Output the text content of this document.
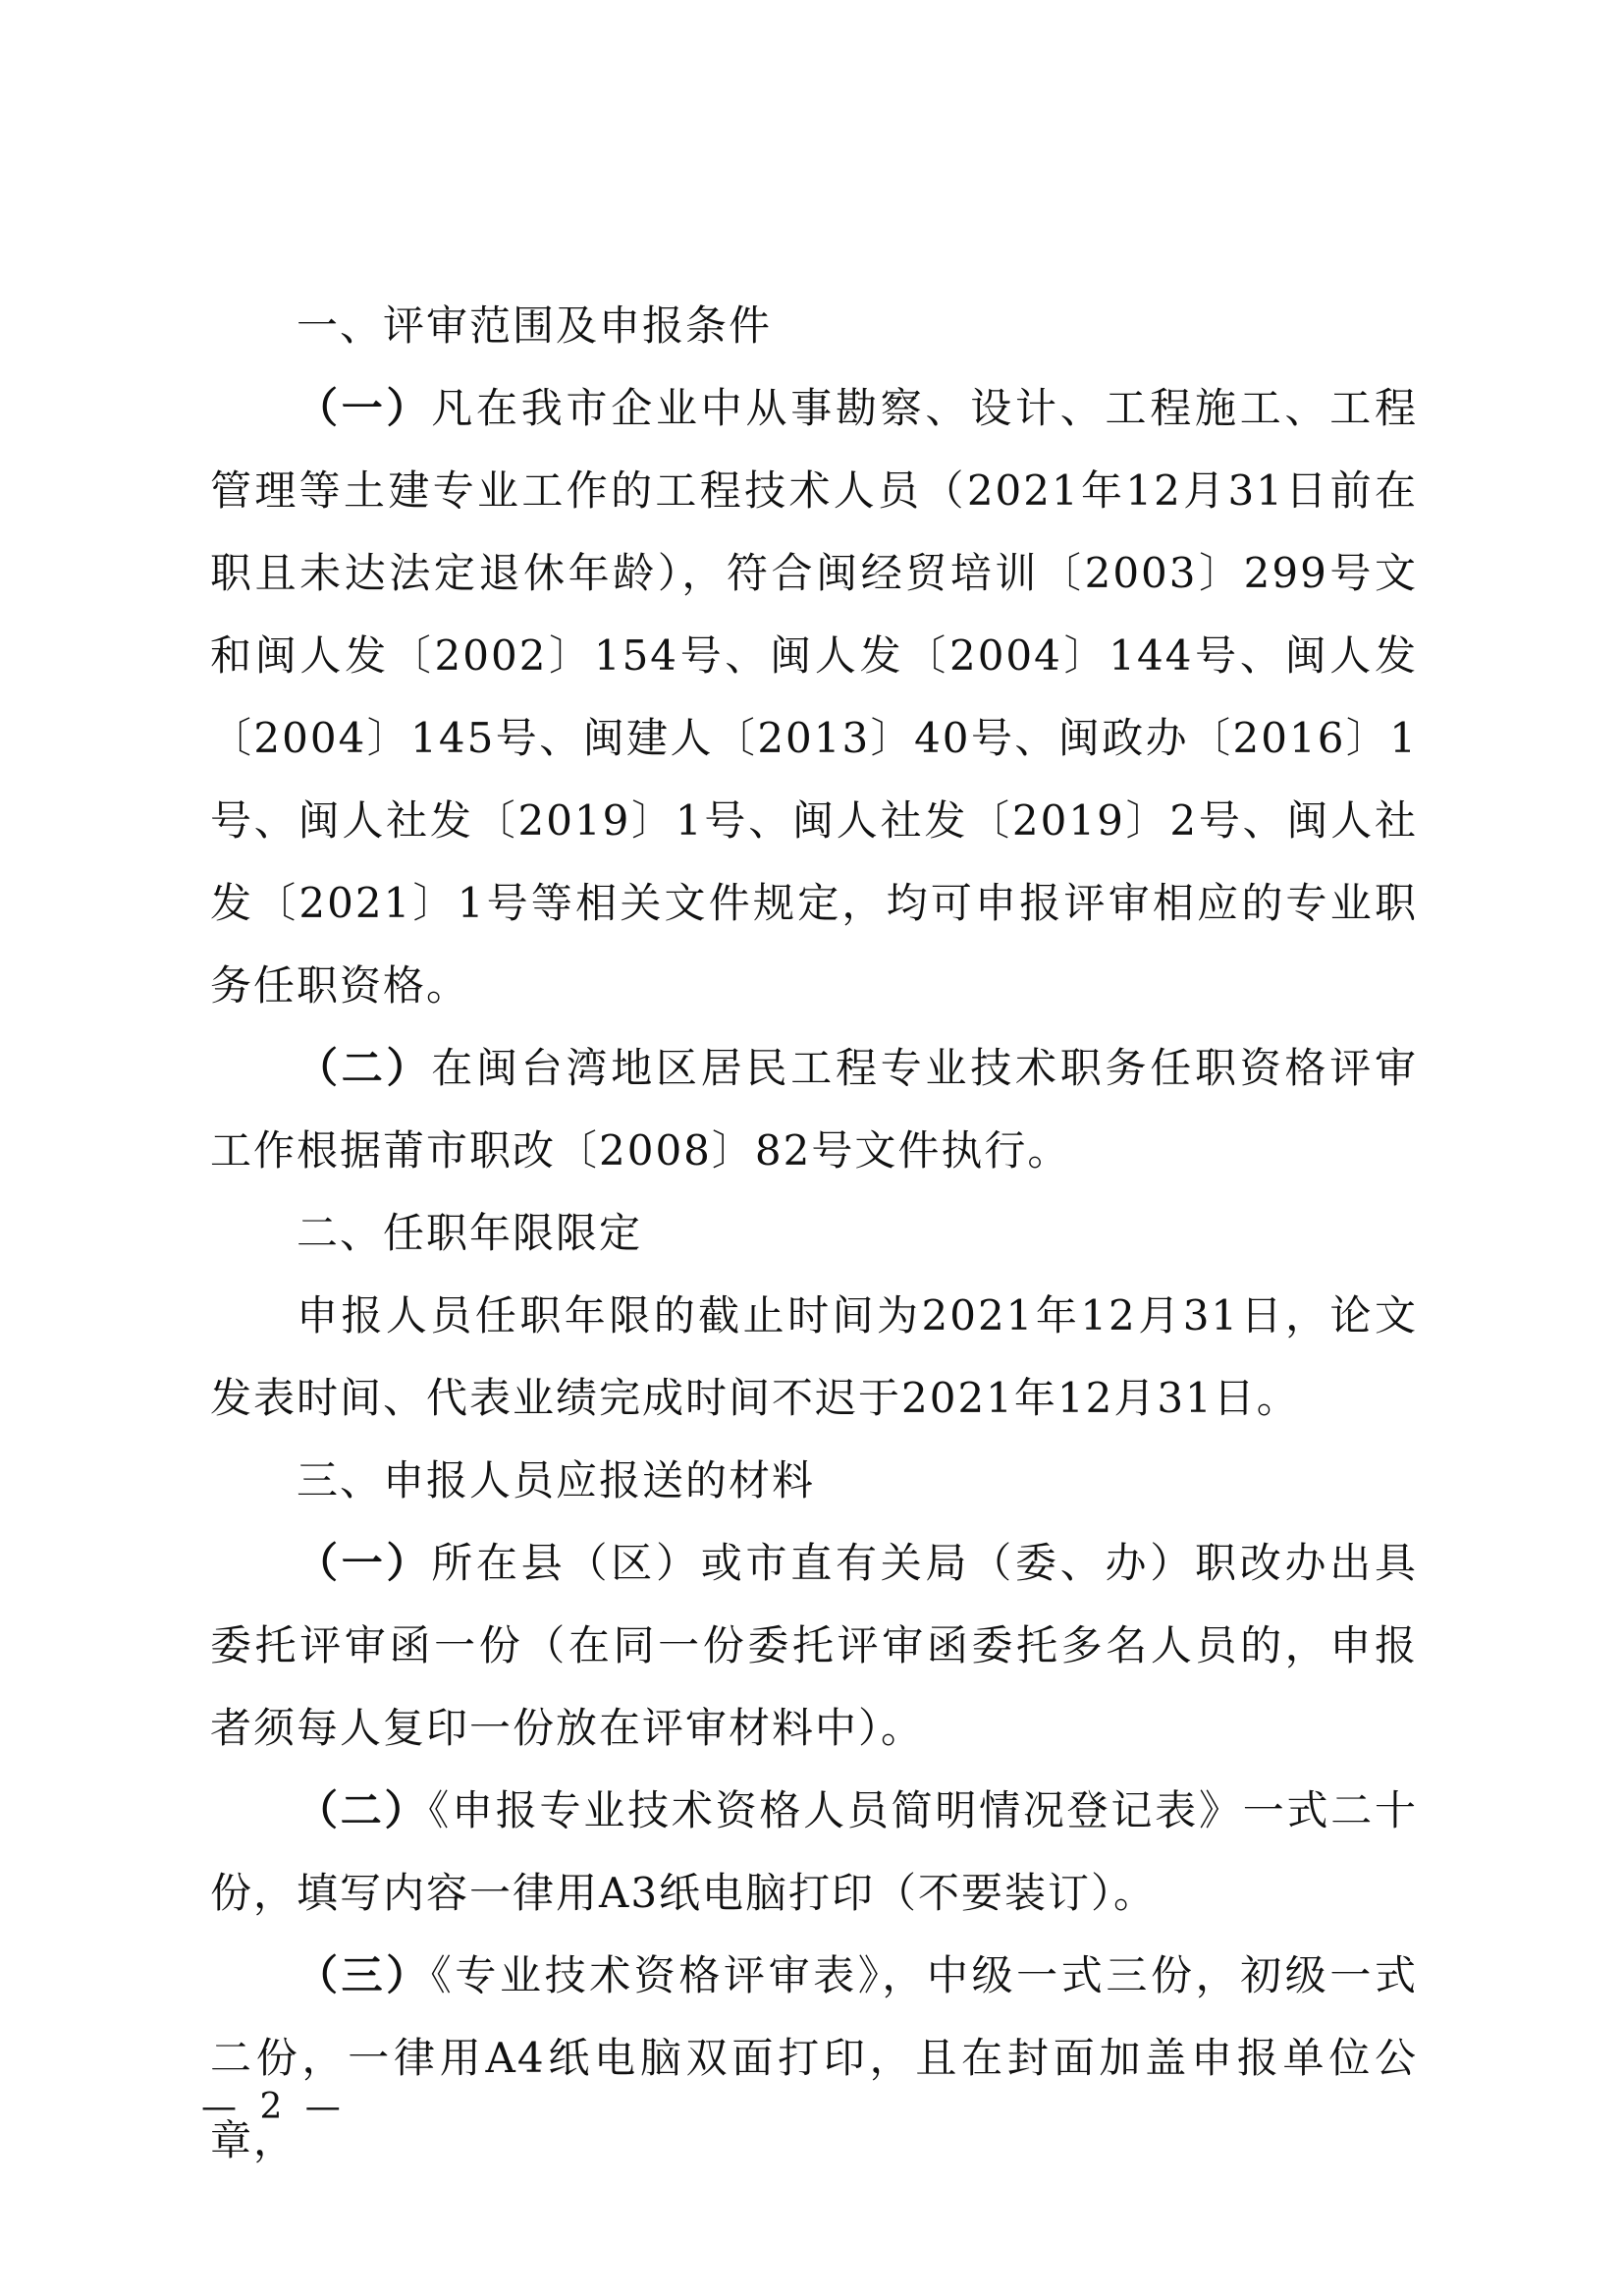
一、评审范围及申报条件

（一）凡在我市企业中从事勘察、设计、工程施工、工程管理等土建专业工作的工程技术人员（2021年12月31日前在职且未达法定退休年龄），符合闽经贸培训〔2003〕299号文和闽人发〔2002〕154号、闽人发〔2004〕144号、闽人发〔2004〕145号、闽建人〔2013〕40号、闽政办〔2016〕1号、闽人社发〔2019〕1号、闽人社发〔2019〕2号、闽人社发〔2021〕1号等相关文件规定，均可申报评审相应的专业职务任职资格。

（二）在闽台湾地区居民工程专业技术职务任职资格评审工作根据莆市职改〔2008〕82号文件执行。

二、任职年限限定

申报人员任职年限的截止时间为2021年12月31日，论文发表时间、代表业绩完成时间不迟于2021年12月31日。

三、申报人员应报送的材料

（一）所在县（区）或市直有关局（委、办）职改办出具委托评审函一份（在同一份委托评审函委托多名人员的，申报者须每人复印一份放在评审材料中）。

（二）《申报专业技术资格人员简明情况登记表》一式二十份，填写内容一律用A3纸电脑打印（不要装订）。

（三）《专业技术资格评审表》，中级一式三份，初级一式二份，一律用A4纸电脑双面打印，且在封面加盖申报单位公章，

— 2 —
